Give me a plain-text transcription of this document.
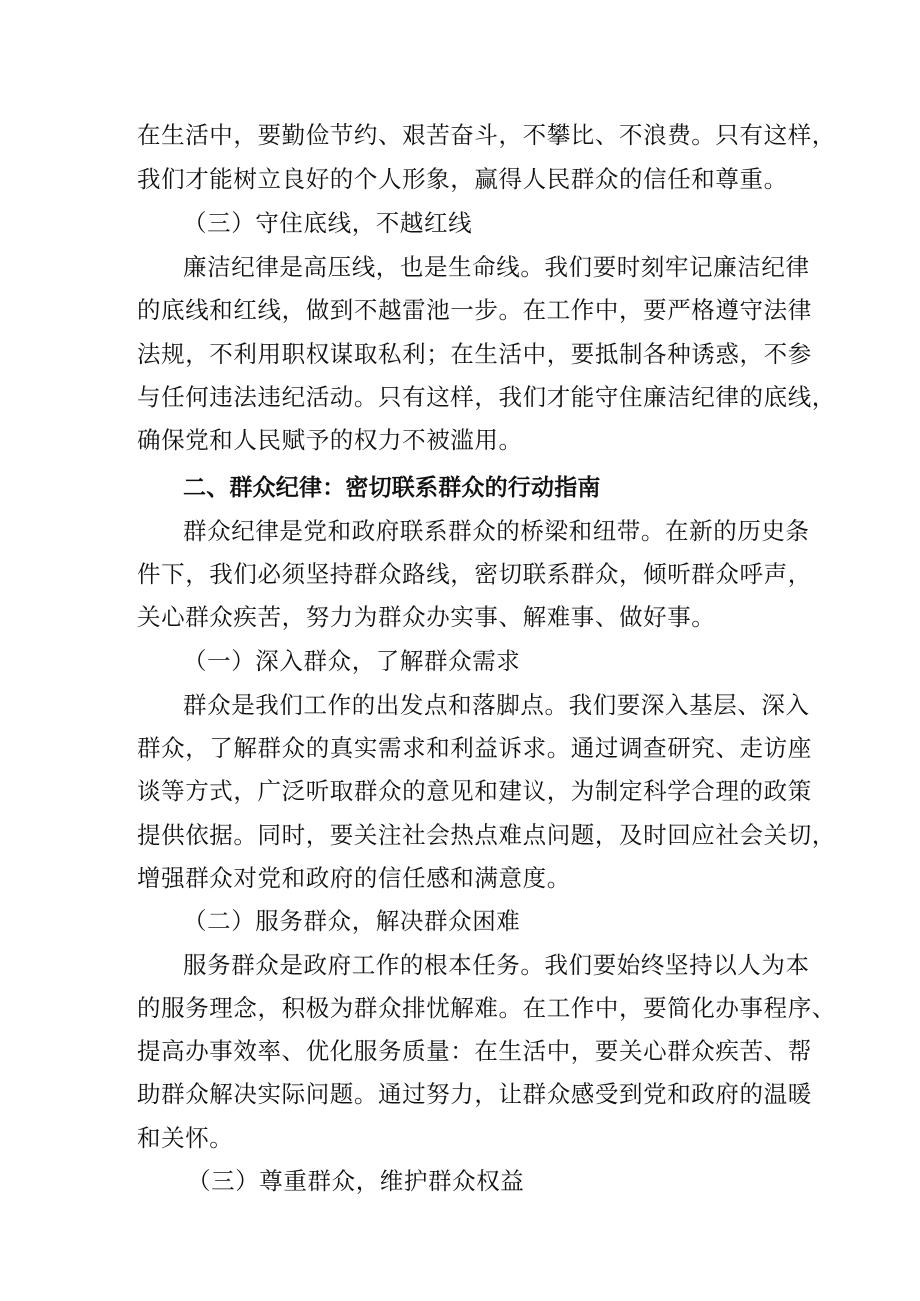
在生活中，要勤俭节约、艰苦奋斗，不攀比、不浪费。只有这样，
我们才能树立良好的个人形象，赢得人民群众的信任和尊重。
（三）守住底线，不越红线
廉洁纪律是高压线，也是生命线。我们要时刻牢记廉洁纪律
的底线和红线，做到不越雷池一步。在工作中，要严格遵守法律
法规，不利用职权谋取私利；在生活中，要抵制各种诱惑，不参
与任何违法违纪活动。只有这样，我们才能守住廉洁纪律的底线，
确保党和人民赋予的权力不被滥用。
二、群众纪律：密切联系群众的行动指南
群众纪律是党和政府联系群众的桥梁和纽带。在新的历史条
件下，我们必须坚持群众路线，密切联系群众，倾听群众呼声，
关心群众疾苦，努力为群众办实事、解难事、做好事。
（一）深入群众，了解群众需求
群众是我们工作的出发点和落脚点。我们要深入基层、深入
群众，了解群众的真实需求和利益诉求。通过调查研究、走访座
谈等方式，广泛听取群众的意见和建议，为制定科学合理的政策
提供依据。同时，要关注社会热点难点问题，及时回应社会关切，
增强群众对党和政府的信任感和满意度。
（二）服务群众，解决群众困难
服务群众是政府工作的根本任务。我们要始终坚持以人为本
的服务理念，积极为群众排忧解难。在工作中，要简化办事程序、
提高办事效率、优化服务质量：在生活中，要关心群众疾苦、帮
助群众解决实际问题。通过努力，让群众感受到党和政府的温暖
和关怀。
（三）尊重群众，维护群众权益
